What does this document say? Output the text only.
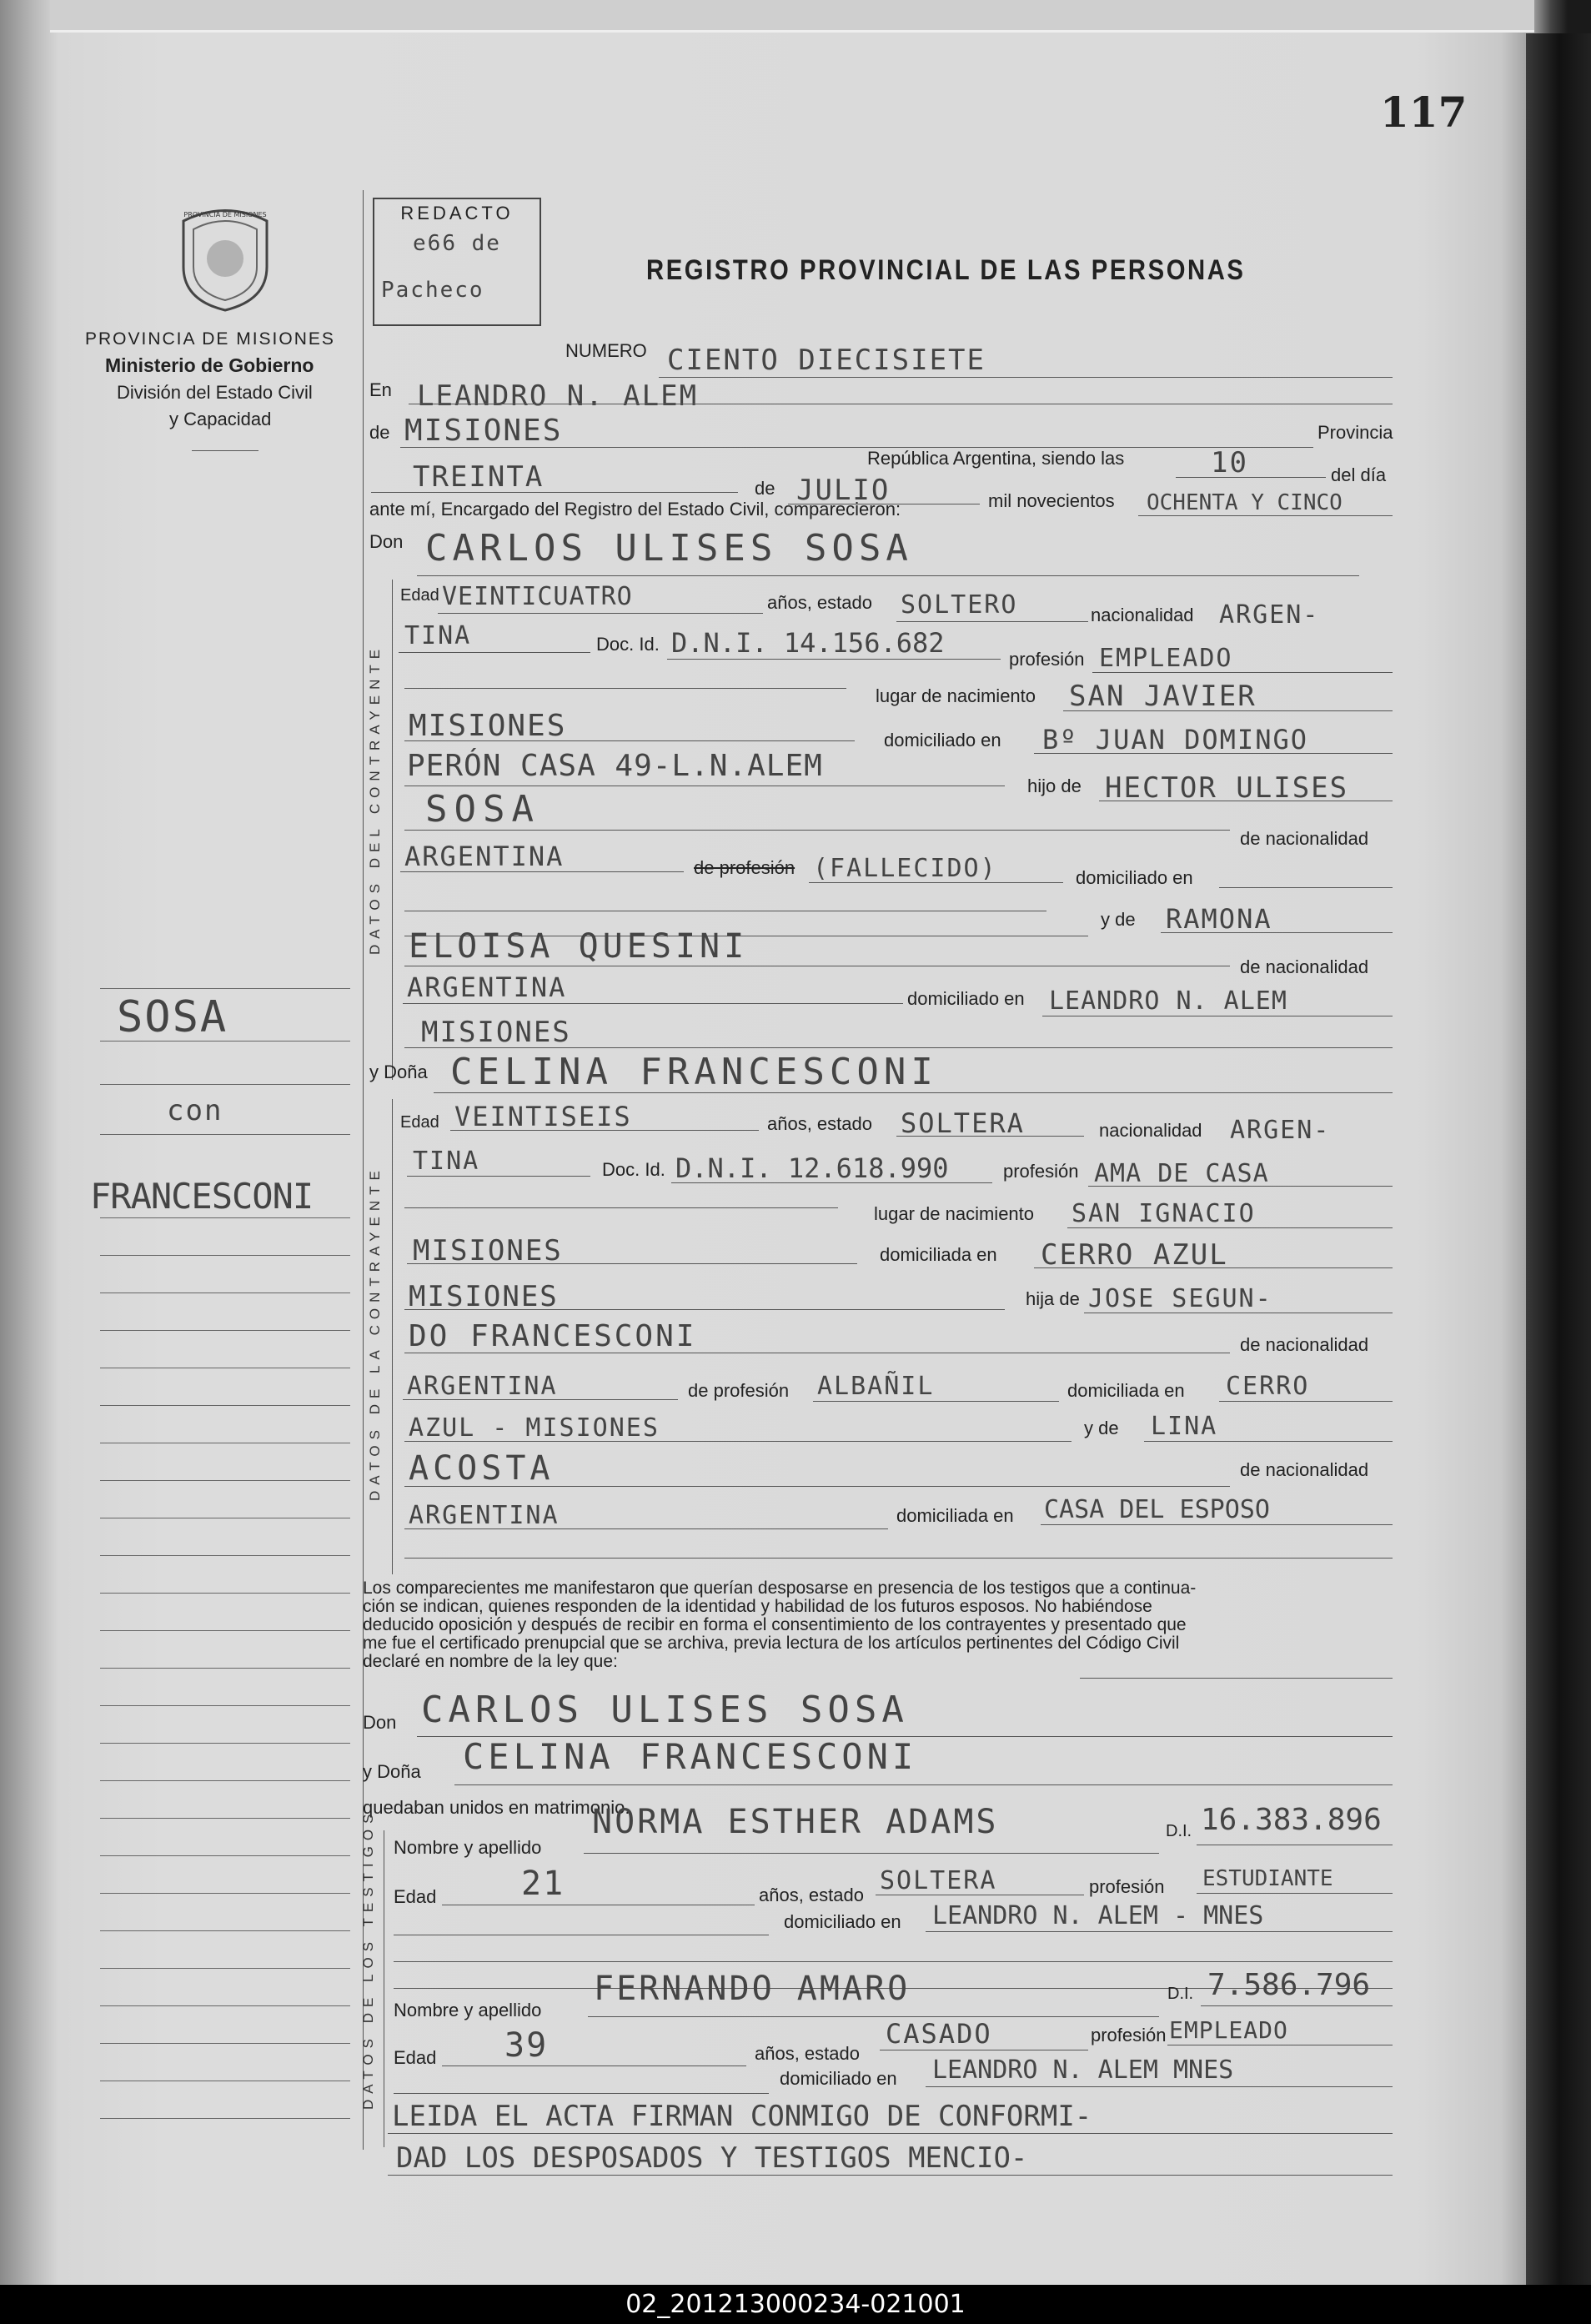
117
PROVINCIA DE MISIONES	REDACTO
e66 de
Pacheco
REGISTRO PROVINCIAL DE LAS PERSONAS
PROVINCIA DE MISIONES
Ministerio de Gobierno
División del Estado Civil
y Capacidad
SOSA
con
FRANCESCONI
NUMERO CIENTO DIECISIETE
En LEANDRO N. ALEM
de MISIONES	Provincia
República Argentina, siendo las	10	del día
TREINTA	de JULIO	mil novecientos OCHENTA Y CINCO
ante mí, Encargado del Registro del Estado Civil, comparecieron:
Don CARLOS ULISES SOSA
DATOS DEL CONTRAYENTE
Edad VEINTICUATRO	años, estado SOLTERO	nacionalidad ARGEN-
TINA	Doc. Id. D.N.I. 14.156.682
profesión EMPLEADO
lugar de nacimiento SAN JAVIER
MISIONES	domiciliado en Bº JUAN DOMINGO
PERÓN CASA 49-L.N.ALEM
hijo de HECTOR ULISES
SOSA
de nacionalidad
ARGENTINA	de profesión (FALLECIDO)	domiciliado en
y de RAMONA
ELOISA QUESINI
de nacionalidad
ARGENTINA	domiciliado en LEANDRO N. ALEM
MISIONES
y Doña CELINA FRANCESCONI
DATOS DE LA CONTRAYENTE
Edad VEINTISEIS	años, estado SOLTERA	nacionalidad ARGEN-
TINA	Doc. Id. D.N.I. 12.618.990	profesión AMA DE CASA
lugar de nacimiento SAN IGNACIO
MISIONES	domiciliada en CERRO AZUL
MISIONES	hija de JOSE SEGUN-
DO FRANCESCONI	de nacionalidad
ARGENTINA	de profesión ALBAÑIL	domiciliada en CERRO
AZUL - MISIONES	y de LINA
ACOSTA	de nacionalidad
ARGENTINA	domiciliada en CASA DEL ESPOSO
Los comparecientes me manifestaron que querían desposarse en presencia de los testigos que a continua-
ción se indican, quienes responden de la identidad y habilidad de los futuros esposos. No habiéndose
deducido oposición y después de recibir en forma el consentimiento de los contrayentes y presentado que
me fue el certificado prenupcial que se archiva, previa lectura de los artículos pertinentes del Código Civil
declaré en nombre de la ley que:
Don CARLOS ULISES SOSA
y Doña CELINA FRANCESCONI
quedaban unidos en matrimonio.
DATOS DE LOS TESTIGOS Nombre y apellido
NORMA ESTHER ADAMS	D.I. 16.383.896
Edad	21	años, estado SOLTERA	profesión ESTUDIANTE
domiciliado en LEANDRO N. ALEM - MNES
Nombre y apellido
FERNANDO AMARO	D.I. 7.586.796
Edad 39	años, estado
CASADO	profesión EMPLEADO
domiciliado en LEANDRO N. ALEM MNES
LEIDA EL ACTA FIRMAN CONMIGO DE CONFORMI-
DAD LOS DESPOSADOS Y TESTIGOS MENCIO-
02_201213000234-021001
